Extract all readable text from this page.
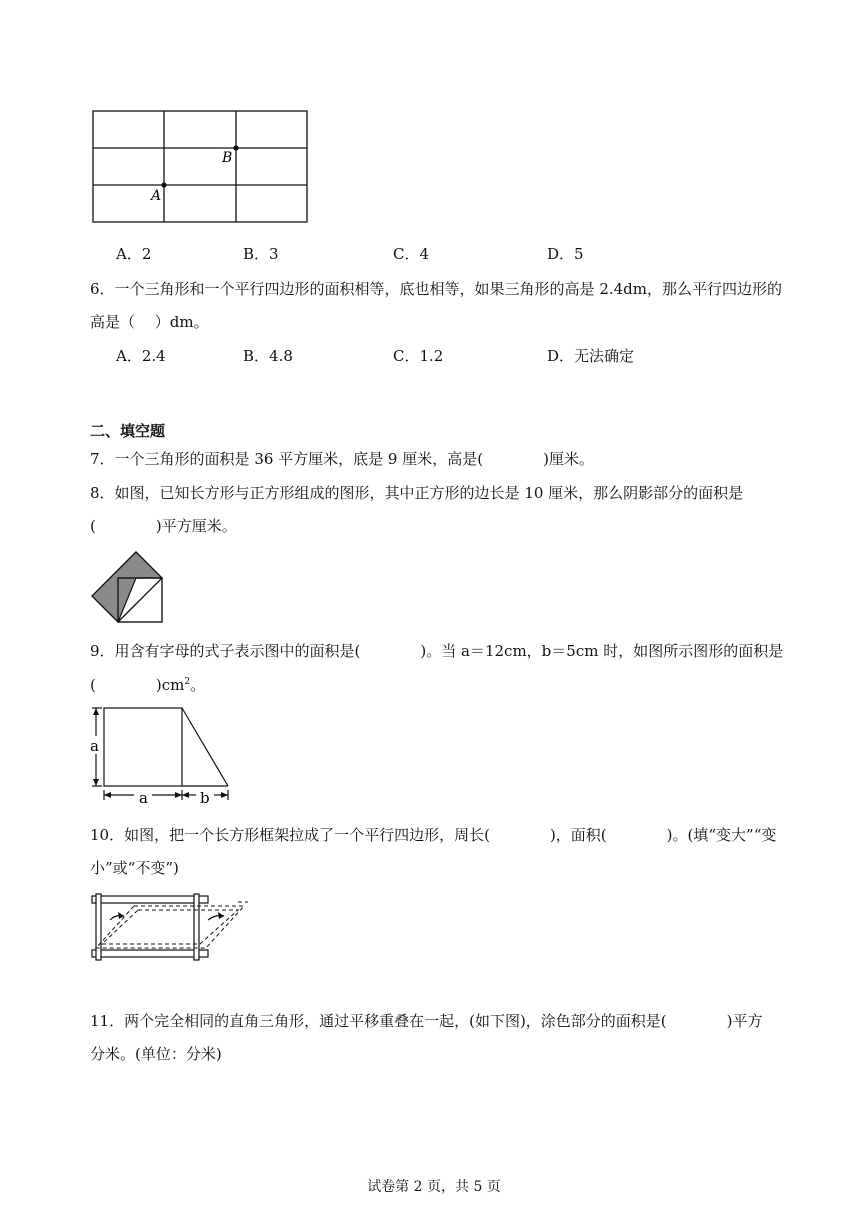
A
B
A．2	B．3	C．4	D．5
6．一个三角形和一个平行四边形的面积相等，底也相等，如果三角形的高是 2.4dm，那么平行四边形的
高是（　 ）dm。
A．2.4	B．4.8	C．1.2	D．无法确定
二、填空题
7．一个三角形的面积是 36 平方厘米，底是 9 厘米，高是(　　　　)厘米。
8．如图，已知长方形与正方形组成的图形，其中正方形的边长是 10 厘米，那么阴影部分的面积是
(　　　　)平方厘米。
9．用含有字母的式子表示图中的面积是(　　　　)。当 a＝12cm，b＝5cm 时，如图所示图形的面积是
(　　　　)$cm^2$。
a
a	b
10．如图，把一个长方形框架拉成了一个平行四边形，周长(　　　　)，面积(　　　　)。(填“变大”“变
小”或“不变”)
11．两个完全相同的直角三角形，通过平移重叠在一起，(如下图)，涂色部分的面积是(　　　　)平方
分米。(单位：分米)
试卷第 2 页，共 5 页
